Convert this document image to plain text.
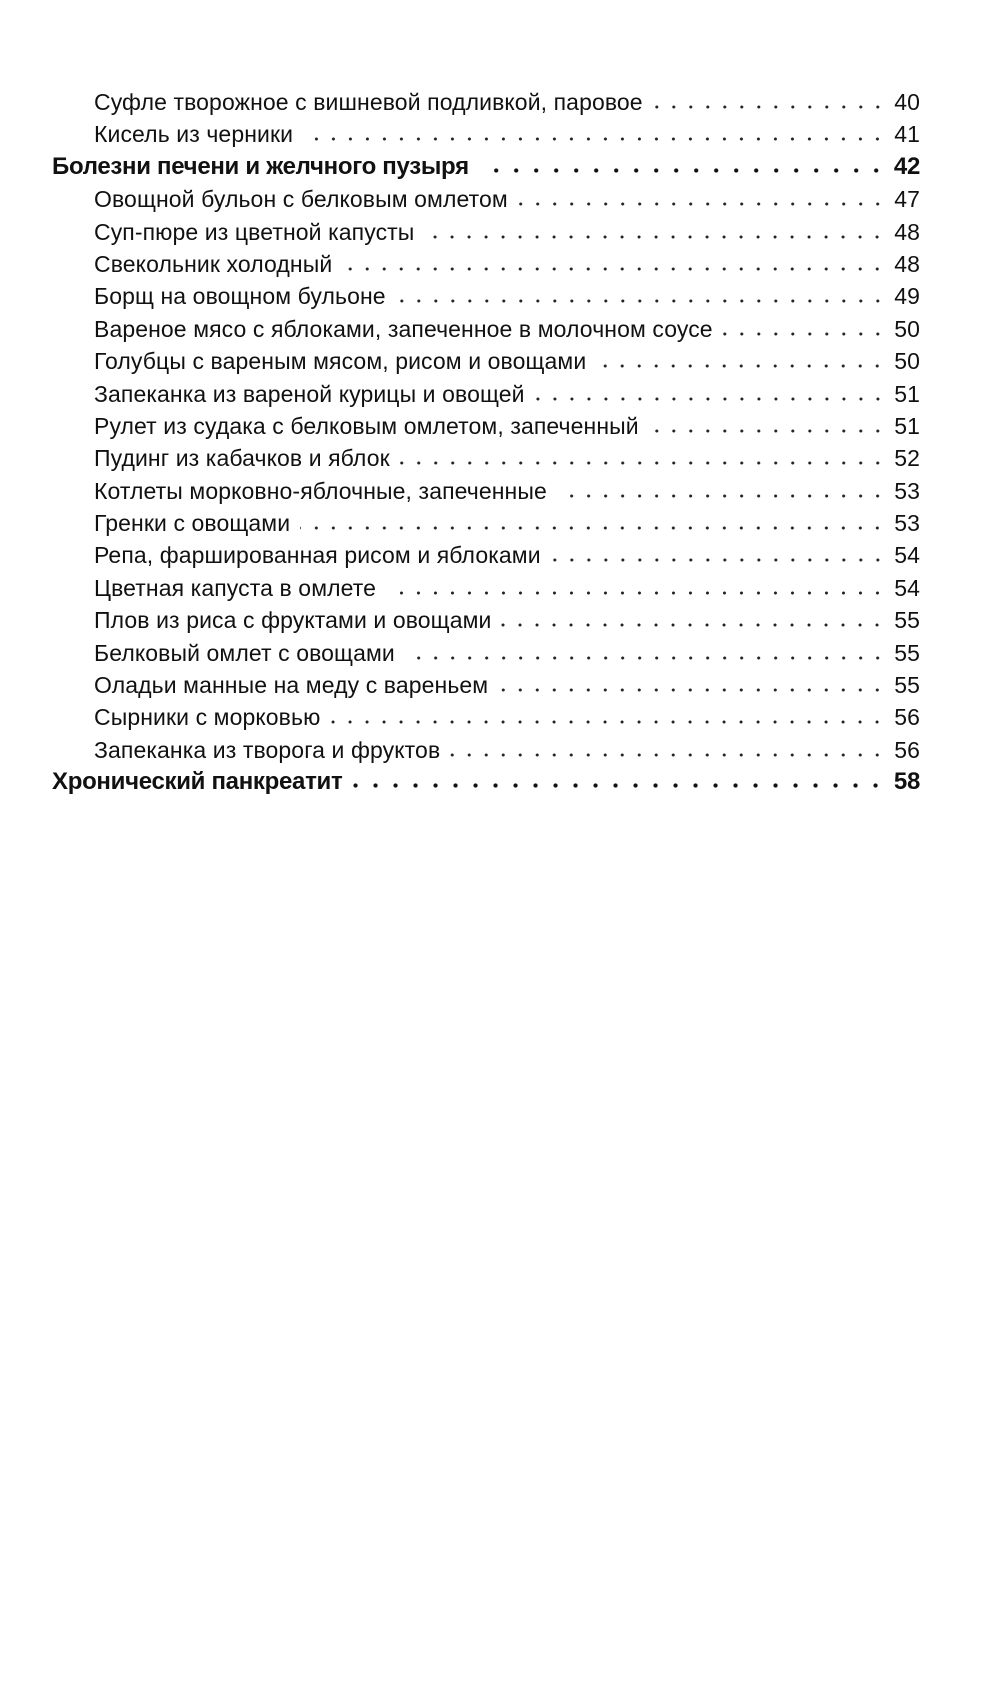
Суфле творожное с вишневой подливкой, паровое	40
Кисель из черники	41
Болезни печени и желчного пузыря	42
Овощной бульон с белковым омлетом	47
Суп-пюре из цветной капусты	48
Свекольник холодный	48
Борщ на овощном бульоне	49
Вареное мясо с яблоками, запеченное в молочном соусе	50
Голубцы с вареным мясом, рисом и овощами	50
Запеканка из вареной курицы и овощей	51
Рулет из судака с белковым омлетом, запеченный	51
Пудинг из кабачков и яблок	52
Котлеты морковно-яблочные, запеченные	53
Гренки с овощами	53
Репа, фаршированная рисом и яблоками	54
Цветная капуста в омлете	54
Плов из риса с фруктами и овощами	55
Белковый омлет с овощами	55
Оладьи манные на меду с вареньем	55
Сырники с морковью	56
Запеканка из творога и фруктов	56
Хронический панкреатит	58
